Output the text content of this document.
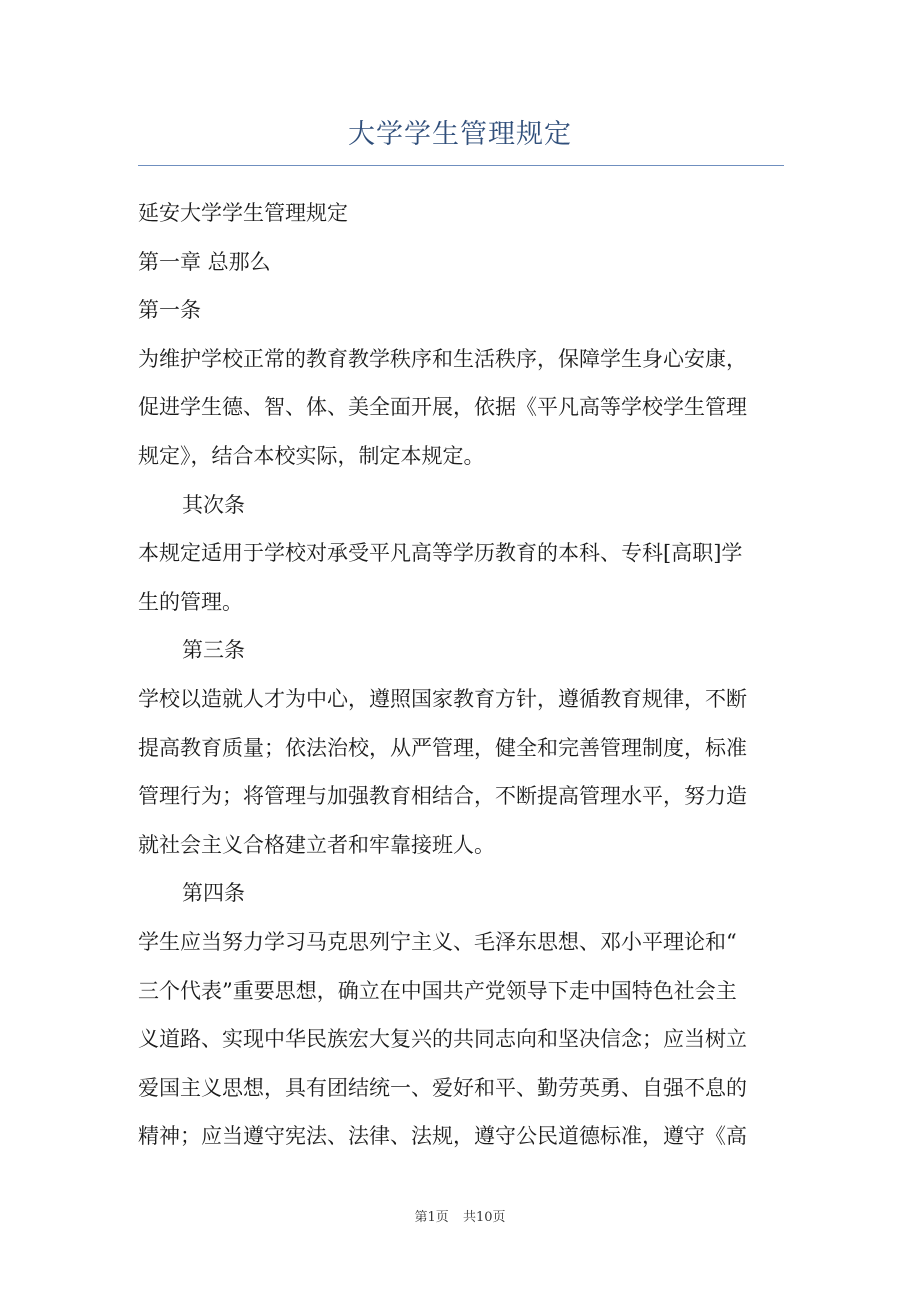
大学学生管理规定

延安大学学生管理规定

第一章 总那么

第一条

为维护学校正常的教育教学秩序和生活秩序，保障学生身心安康，

促进学生德、智、体、美全面开展，依据《平凡高等学校学生管理

规定》，结合本校实际，制定本规定。

其次条

本规定适用于学校对承受平凡高等学历教育的本科、专科[高职]学

生的管理。

第三条

学校以造就人才为中心，遵照国家教育方针，遵循教育规律，不断

提高教育质量；依法治校，从严管理，健全和完善管理制度，标准

管理行为；将管理与加强教育相结合，不断提高管理水平，努力造

就社会主义合格建立者和牢靠接班人。

第四条

学生应当努力学习马克思列宁主义、毛泽东思想、邓小平理论和“

三个代表”重要思想，确立在中国共产党领导下走中国特色社会主

义道路、实现中华民族宏大复兴的共同志向和坚决信念；应当树立

爱国主义思想，具有团结统一、爱好和平、勤劳英勇、自强不息的

精神；应当遵守宪法、法律、法规，遵守公民道德标准，遵守《高

第1页 共10页
